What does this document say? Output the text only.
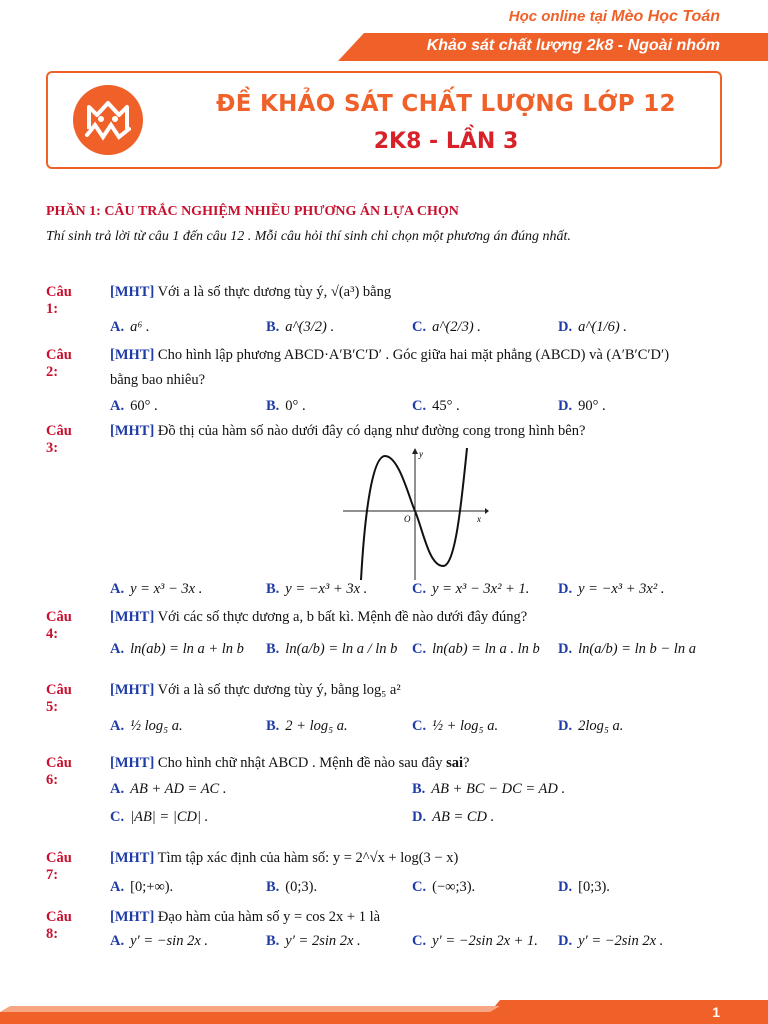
Học online tại Mèo Học Toán
Khảo sát chất lượng 2k8 - Ngoài nhóm
ĐỀ KHẢO SÁT CHẤT LƯỢNG LỚP 12
2K8 - LẦN 3
PHẦN 1: CÂU TRẮC NGHIỆM NHIỀU PHƯƠNG ÁN LỰA CHỌN
Thí sinh trả lời từ câu 1 đến câu 12 . Mỗi câu hỏi thí sinh chỉ chọn một phương án đúng nhất.
Câu 1:
[MHT] Với a là số thực dương tùy ý, √(a³) bằng
A. a⁶ .	B. a^(3/2) .	C. a^(2/3) .	D. a^(1/6) .
Câu 2:
[MHT] Cho hình lập phương ABCD·A′B′C′D′ . Góc giữa hai mặt phẳng (ABCD) và (A′B′C′D′)
bằng bao nhiêu?
A. 60° .	B. 0° .	C. 45° .	D. 90° .
Câu 3:
[MHT] Đồ thị của hàm số nào dưới đây có dạng như đường cong trong hình bên?
y
x
O
A. y = x³ − 3x .	B. y = −x³ + 3x .	C. y = x³ − 3x² + 1. D. y = −x³ + 3x² .
Câu 4:
[MHT] Với các số thực dương a, b bất kì. Mệnh đề nào dưới đây đúng?
A. ln(ab) = ln a + ln b B. ln(a/b) = ln a / ln b C. ln(ab) = ln a . ln b D. ln(a/b) = ln b − ln a
Câu 5:
[MHT] Với a là số thực dương tùy ý, bằng log₅ a²
A. ½ log₅ a.	B. 2 + log₅ a.	C. ½ + log₅ a.	D. 2log₅ a.
Câu 6:
[MHT] Cho hình chữ nhật ABCD . Mệnh đề nào sau đây sai?
A. AB + AD = AC .	B. AB + BC − DC = AD .
C. |AB| = |CD| .	D. AB = CD .
Câu 7:
[MHT] Tìm tập xác định của hàm số: y = 2^√x + log(3 − x)
A. [0;+∞).	B. (0;3).	C. (−∞;3).	D. [0;3).
Câu 8:
[MHT] Đạo hàm của hàm số y = cos 2x + 1 là
A. y′ = −sin 2x .	B. y′ = 2sin 2x .	C. y′ = −2sin 2x + 1. D. y′ = −2sin 2x .
1
